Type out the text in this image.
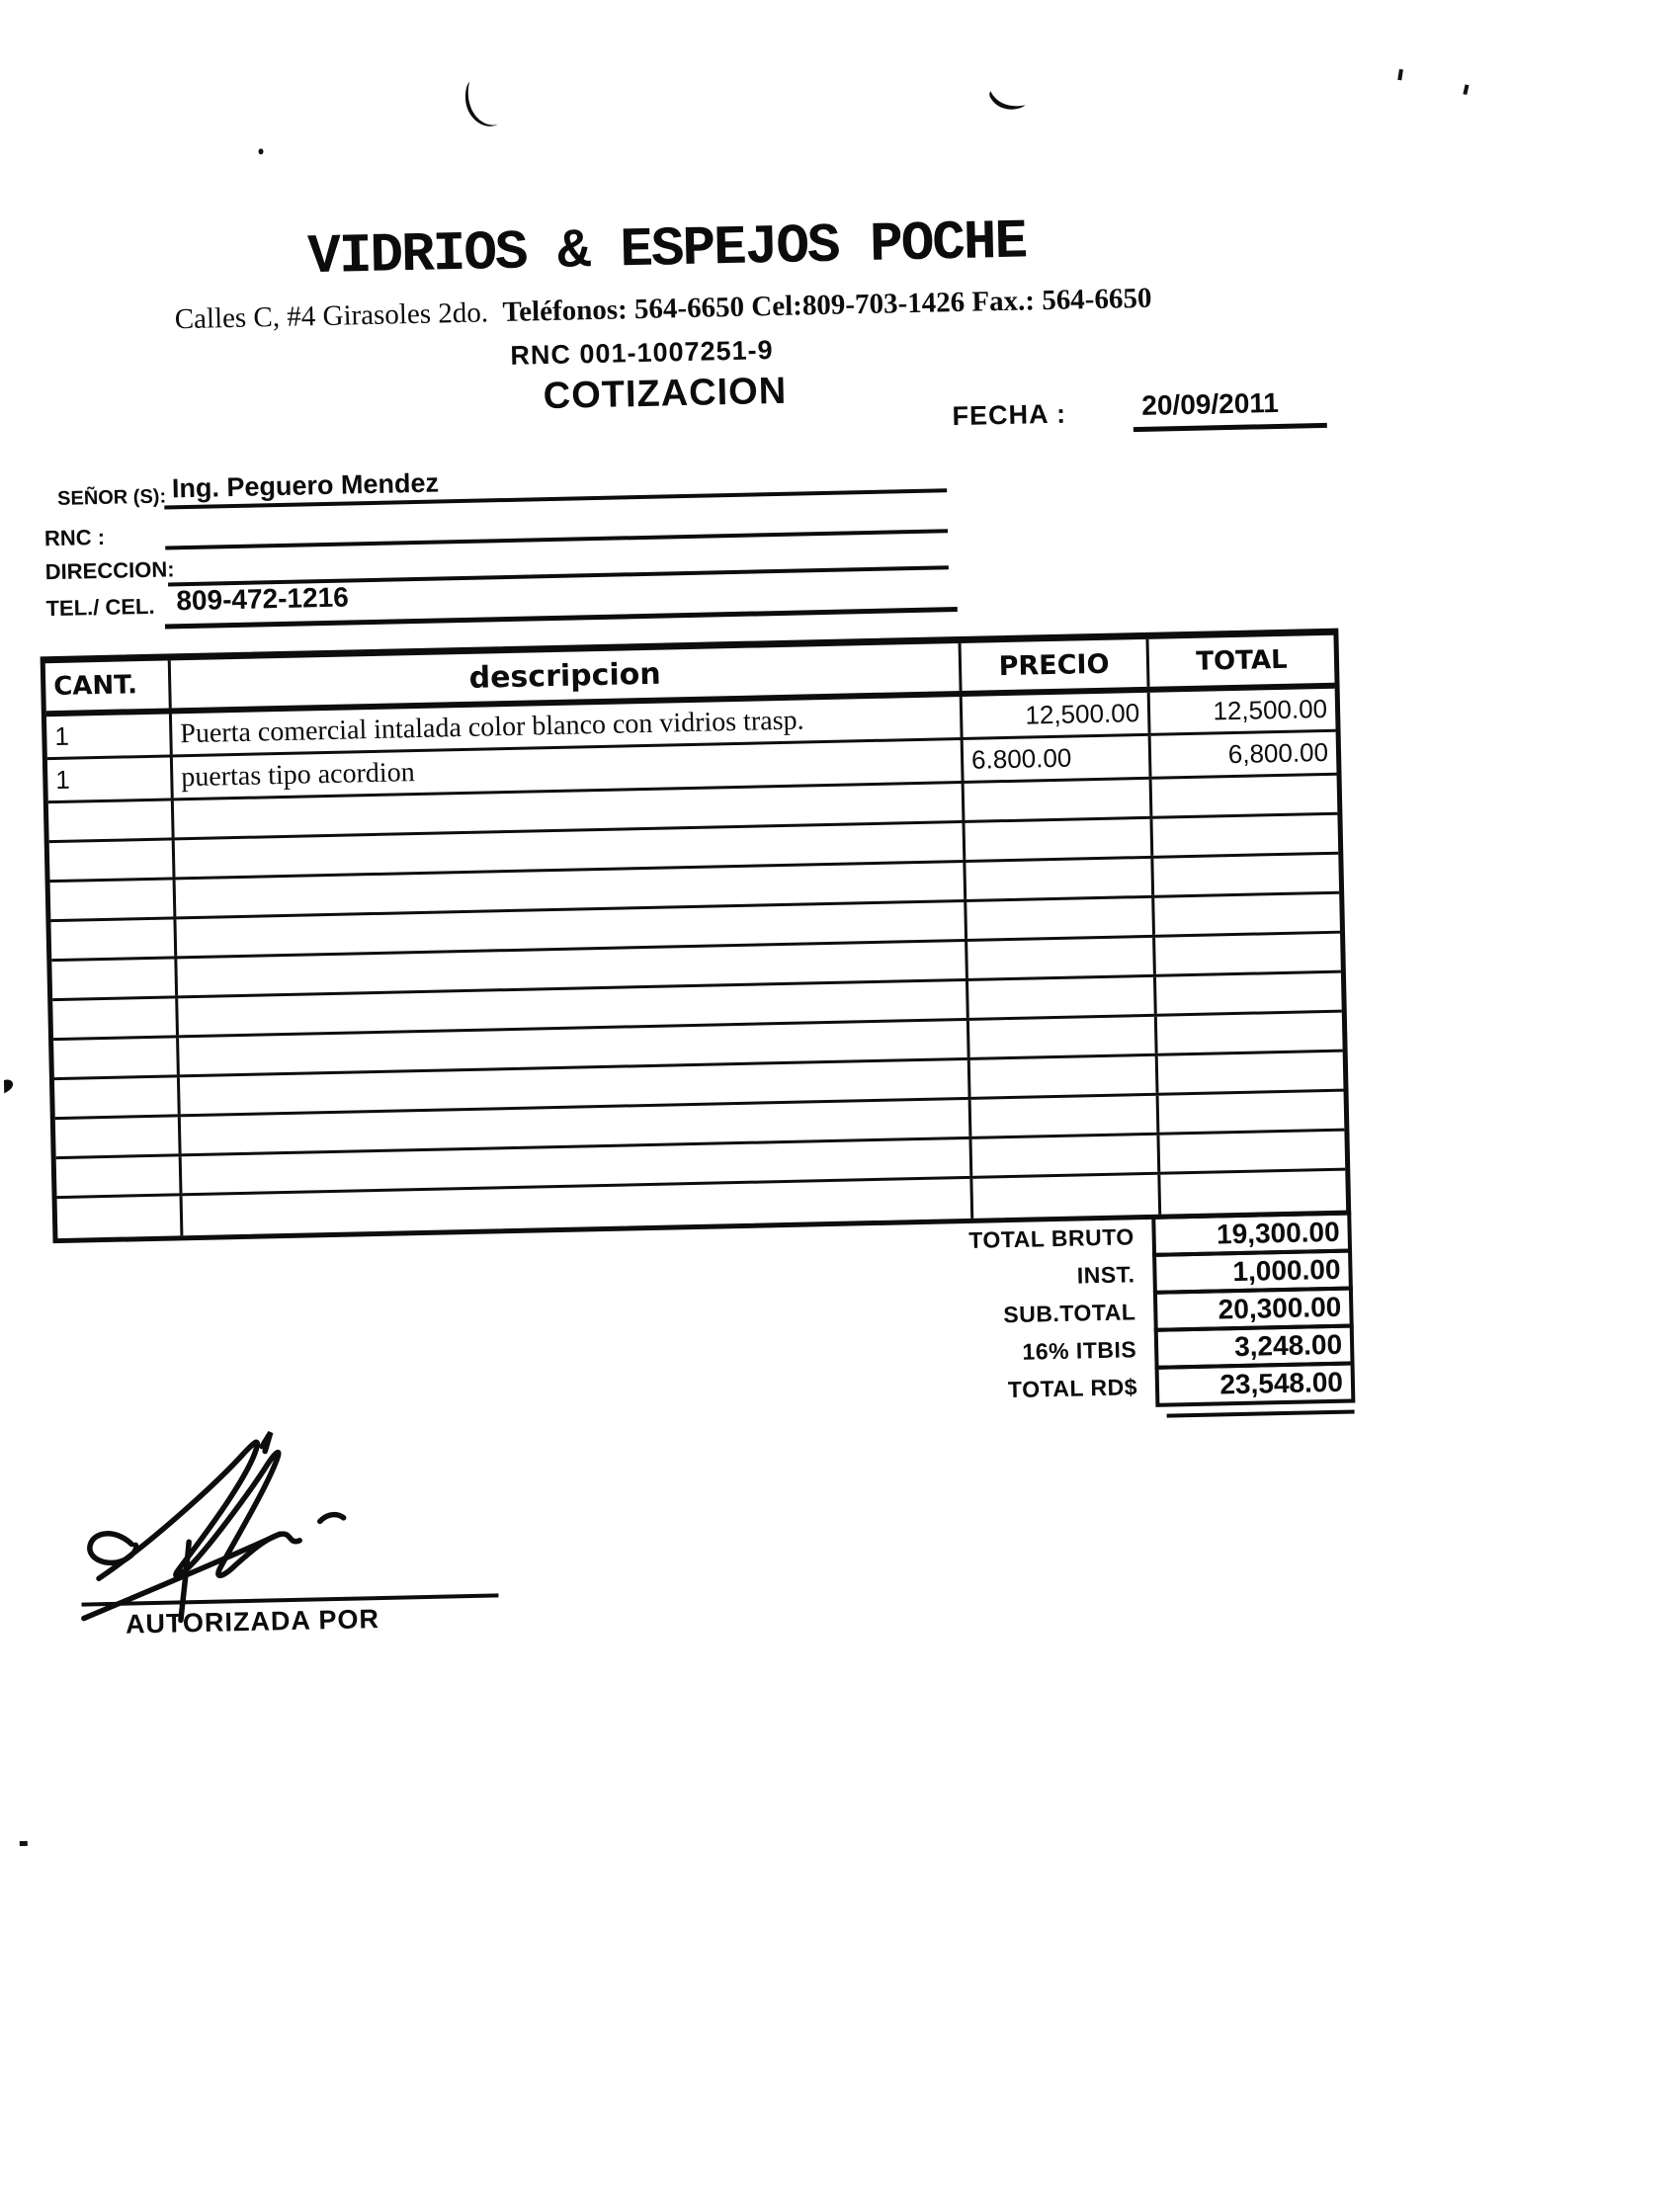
VIDRIOS & ESPEJOS POCHE
Calles C, #4 Girasoles 2do. Teléfonos: 564-6650 Cel:809-703-1426 Fax.: 564-6650
RNC 001-1007251-9
COTIZACION	FECHA :	20/09/2011
SEÑOR (S): Ing. Peguero Mendez
RNC :
DIRECCION:
TEL./ CEL. 809-472-1216
CANT.	descripcion	PRECIO	TOTAL
1	Puerta comercial intalada color blanco con vidrios trasp.	12,500.00	12,500.00
1	puertas tipo acordion	6.800.00	6,800.00
TOTAL BRUTO	19,300.00
INST.	1,000.00
SUB.TOTAL	20,300.00
16% ITBIS	3,248.00
TOTAL RD$	23,548.00
AUTORIZADA POR
